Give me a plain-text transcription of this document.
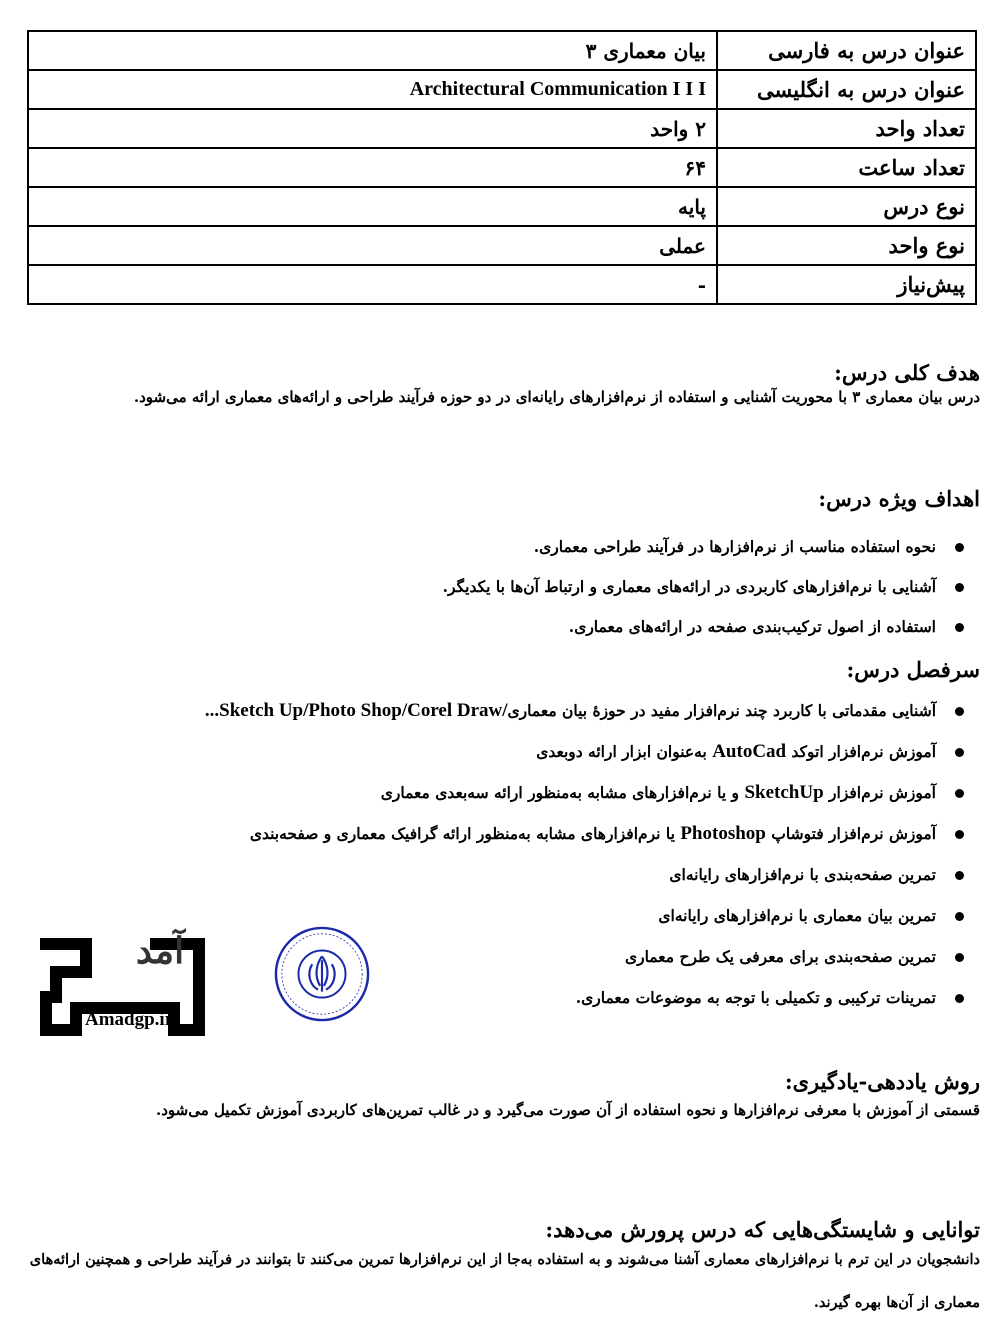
عنوان درس به فارسی	بیان معماری ۳
عنوان درس به انگلیسی	Architectural Communication I I I
تعداد واحد	۲ واحد
تعداد ساعت	۶۴
نوع درس	پایه
نوع واحد	عملی
پیش‌نیاز	-
هدف کلی درس:
درس بیان معماری ۳ با محوریت آشنایی و استفاده از نرم‌افزارهای رایانه‌ای در دو حوزه فرآیند طراحی و ارائه‌های معماری ارائه می‌شود.
اهداف ویژه درس:
نحوه استفاده مناسب از نرم‌افزارها در فرآیند طراحی معماری.
آشنایی با نرم‌افزارهای کاربردی در ارائه‌های معماری و ارتباط آن‌ها با یکدیگر.
استفاده از اصول ترکیب‌بندی صفحه در ارائه‌های معماری.
سرفصل درس:
آشنایی مقدماتی با کاربرد چند نرم‌افزار مفید در حوزهٔ بیان معماری...Sketch Up/Photo Shop/Corel Draw/
آموزش نرم‌افزار اتوکد AutoCad به‌عنوان ابزار ارائه دوبعدی
آموزش نرم‌افزار SketchUp و یا نرم‌افزارهای مشابه به‌منظور ارائه سه‌بعدی معماری
آموزش نرم‌افزار فتوشاپ Photoshop یا نرم‌افزارهای مشابه به‌منظور ارائه گرافیک معماری و صفحه‌بندی
تمرین صفحه‌بندی با نرم‌افزارهای رایانه‌ای
تمرین بیان معماری با نرم‌افزارهای رایانه‌ای
تمرین صفحه‌بندی برای معرفی یک طرح معماری
تمرینات ترکیبی و تکمیلی با توجه به موضوعات معماری.
آمد
Amadgp.ir
روش یاددهی-یادگیری:
قسمتی از آموزش با معرفی نرم‌افزارها و نحوه استفاده از آن صورت می‌گیرد و در غالب تمرین‌های کاربردی آموزش تکمیل می‌شود.
توانایی و شایستگی‌هایی که درس پرورش می‌دهد:
دانشجویان در این ترم با نرم‌افزارهای معماری آشنا می‌شوند و به استفاده به‌جا از این نرم‌افزارها تمرین می‌کنند تا بتوانند در فرآیند طراحی و همچنین ارائه‌های معماری از آن‌ها بهره گیرند.
